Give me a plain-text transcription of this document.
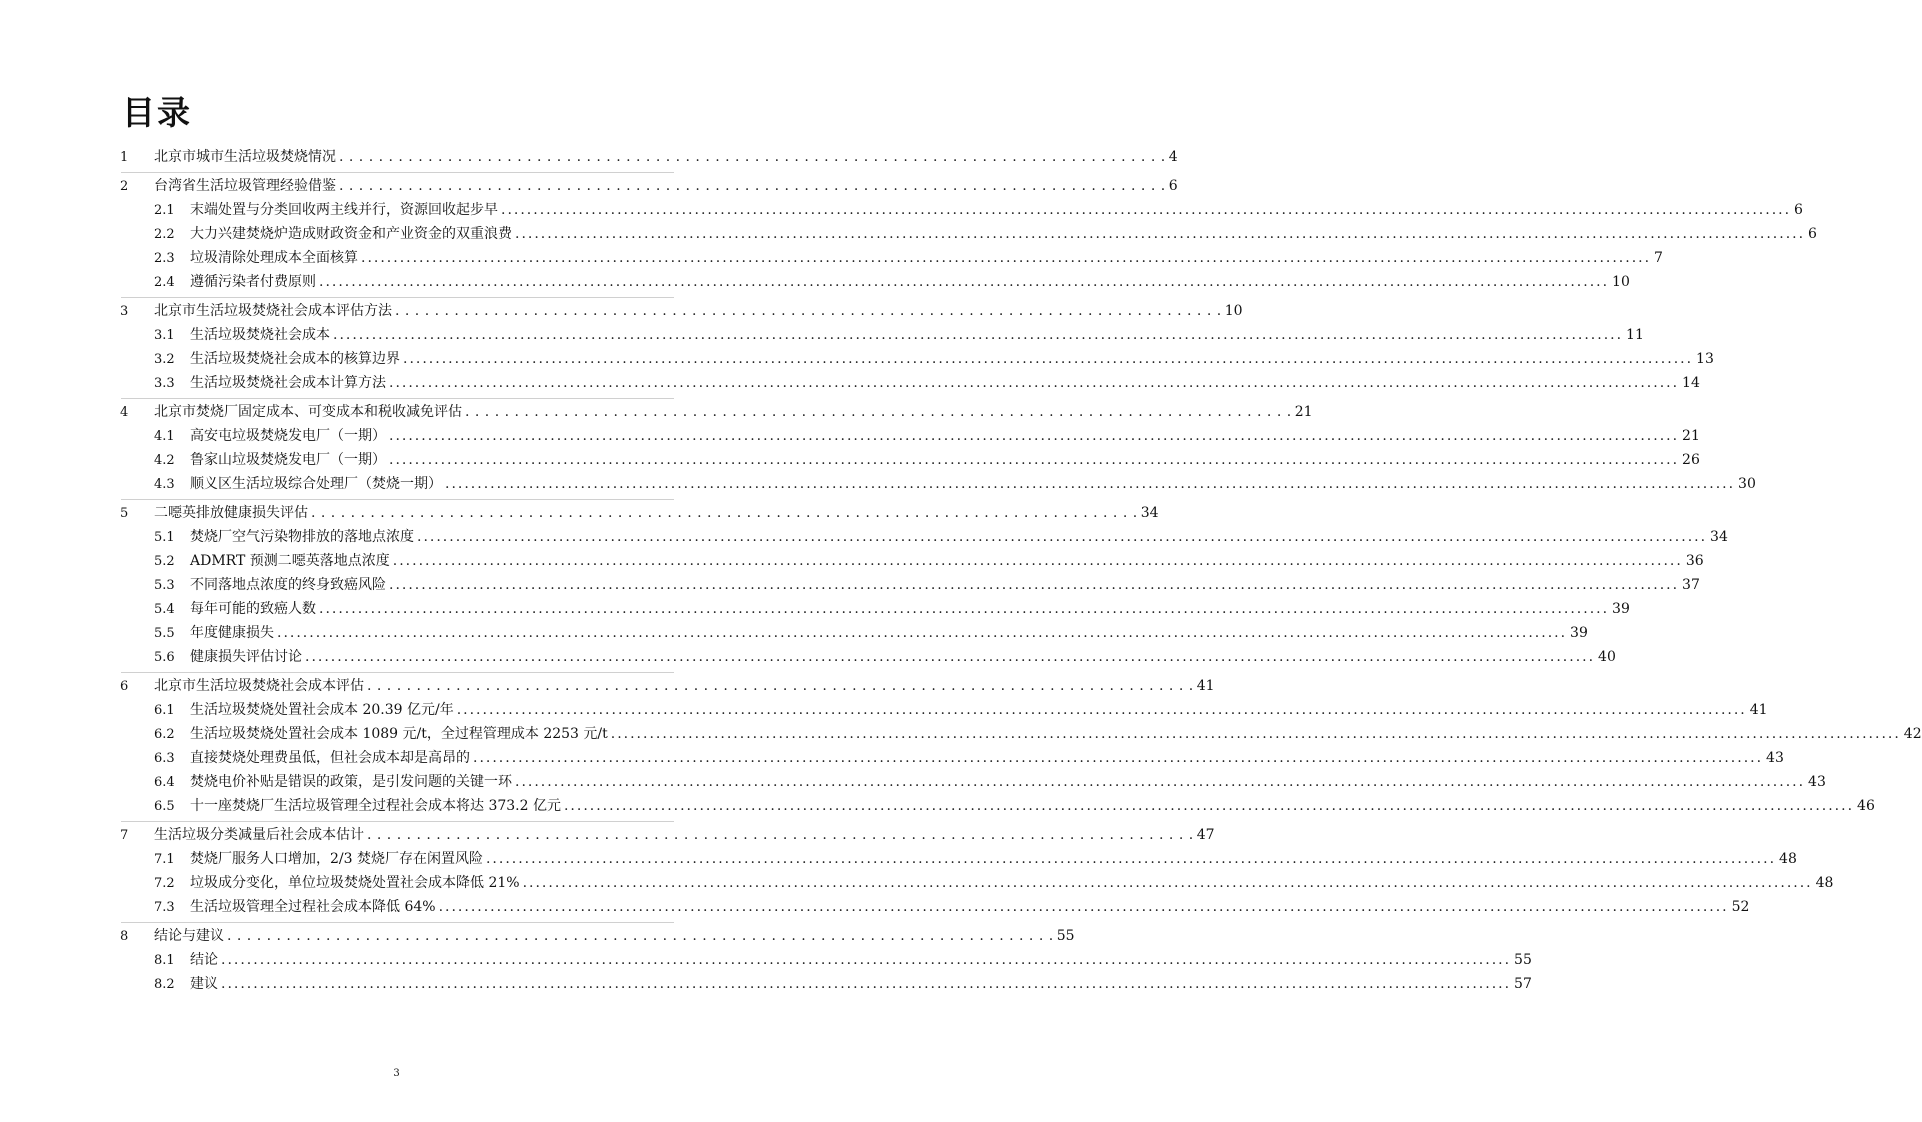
目录
1	北京市城市生活垃圾焚烧情况 . . .	4
2	台湾省生活垃圾管理经验借鉴 . . .	6
2.1	末端处置与分类回收两主线并行，资源回收起步早 .....	6
2.2	大力兴建焚烧炉造成财政资金和产业资金的双重浪费 .....	6
2.3	垃圾清除处理成本全面核算 .....	7
2.4	遵循污染者付费原则 .....	10
3	北京市生活垃圾焚烧社会成本评估方法 . . .	10
3.1	生活垃圾焚烧社会成本 .....	11
3.2	生活垃圾焚烧社会成本的核算边界 .....	13
3.3	生活垃圾焚烧社会成本计算方法 .....	14
4	北京市焚烧厂固定成本、可变成本和税收减免评估 . . .	21
4.1	高安屯垃圾焚烧发电厂（一期） .....	21
4.2	鲁家山垃圾焚烧发电厂（一期） .....	26
4.3	顺义区生活垃圾综合处理厂（焚烧一期） .....	30
5	二噁英排放健康损失评估 . . .	34
5.1	焚烧厂空气污染物排放的落地点浓度 .....	34
5.2	ADMRT 预测二噁英落地点浓度 .....	36
5.3	不同落地点浓度的终身致癌风险 .....	37
5.4	每年可能的致癌人数 .....	39
5.5	年度健康损失 .....	39
5.6	健康损失评估讨论 .....	40
6	北京市生活垃圾焚烧社会成本评估 . . .	41
6.1	生活垃圾焚烧处置社会成本 20.39 亿元/年 .....	41
6.2	生活垃圾焚烧处置社会成本 1089 元/t，全过程管理成本 2253 元/t .....	42
6.3	直接焚烧处理费虽低，但社会成本却是高昂的 .....	43
6.4	焚烧电价补贴是错误的政策，是引发问题的关键一环 .....	43
6.5	十一座焚烧厂生活垃圾管理全过程社会成本将达 373.2 亿元 .....	46
7	生活垃圾分类减量后社会成本估计 . . .	47
7.1	焚烧厂服务人口增加，2/3 焚烧厂存在闲置风险 .....	48
7.2	垃圾成分变化，单位垃圾焚烧处置社会成本降低 21% .....	48
7.3	生活垃圾管理全过程社会成本降低 64% .....	52
8	结论与建议 . . .	55
8.1	结论 .....	55
8.2	建议 .....	57
3
